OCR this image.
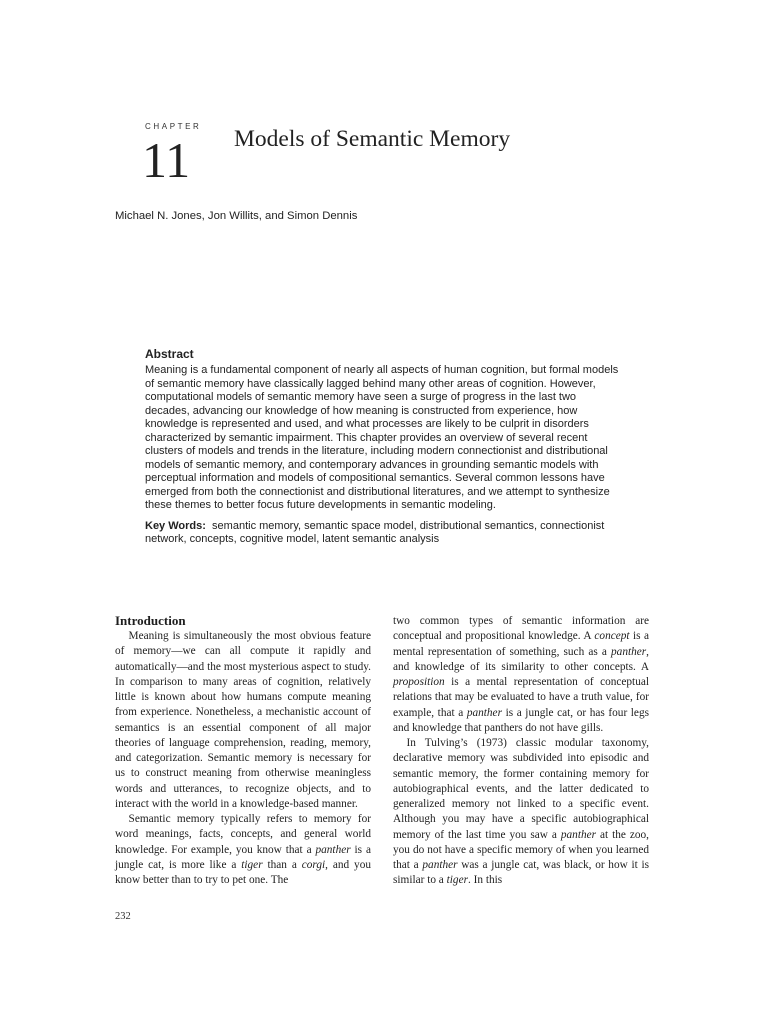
CHAPTER
11 Models of Semantic Memory
Michael N. Jones, Jon Willits, and Simon Dennis
Abstract

Meaning is a fundamental component of nearly all aspects of human cognition, but formal models of semantic memory have classically lagged behind many other areas of cognition. However, computational models of semantic memory have seen a surge of progress in the last two decades, advancing our knowledge of how meaning is constructed from experience, how knowledge is represented and used, and what processes are likely to be culprit in disorders characterized by semantic impairment. This chapter provides an overview of several recent clusters of models and trends in the literature, including modern connectionist and distributional models of semantic memory, and contemporary advances in grounding semantic models with perceptual information and models of compositional semantics. Several common lessons have emerged from both the connectionist and distributional literatures, and we attempt to synthesize these themes to better focus future developments in semantic modeling.

Key Words: semantic memory, semantic space model, distributional semantics, connectionist network, concepts, cognitive model, latent semantic analysis

Introduction

Meaning is simultaneously the most obvious feature of memory—we can all compute it rapidly and automatically—and the most mysterious aspect to study. In comparison to many areas of cognition, relatively little is known about how humans compute meaning from experience. Nonetheless, a mechanistic account of semantics is an essential component of all major theories of language comprehension, reading, memory, and categorization. Semantic memory is necessary for us to construct meaning from otherwise meaningless words and utterances, to recognize objects, and to interact with the world in a knowledge-based manner.

Semantic memory typically refers to memory for word meanings, facts, concepts, and general world knowledge. For example, you know that a panther is a jungle cat, is more like a tiger than a corgi, and you know better than to try to pet one. The

two common types of semantic information are conceptual and propositional knowledge. A concept is a mental representation of something, such as a panther, and knowledge of its similarity to other concepts. A proposition is a mental representation of conceptual relations that may be evaluated to have a truth value, for example, that a panther is a jungle cat, or has four legs and knowledge that panthers do not have gills.

In Tulving’s (1973) classic modular taxonomy, declarative memory was subdivided into episodic and semantic memory, the former containing memory for autobiographical events, and the latter dedicated to generalized memory not linked to a specific event. Although you may have a specific autobiographical memory of the last time you saw a panther at the zoo, you do not have a specific memory of when you learned that a panther was a jungle cat, was black, or how it is similar to a tiger. In this

232
